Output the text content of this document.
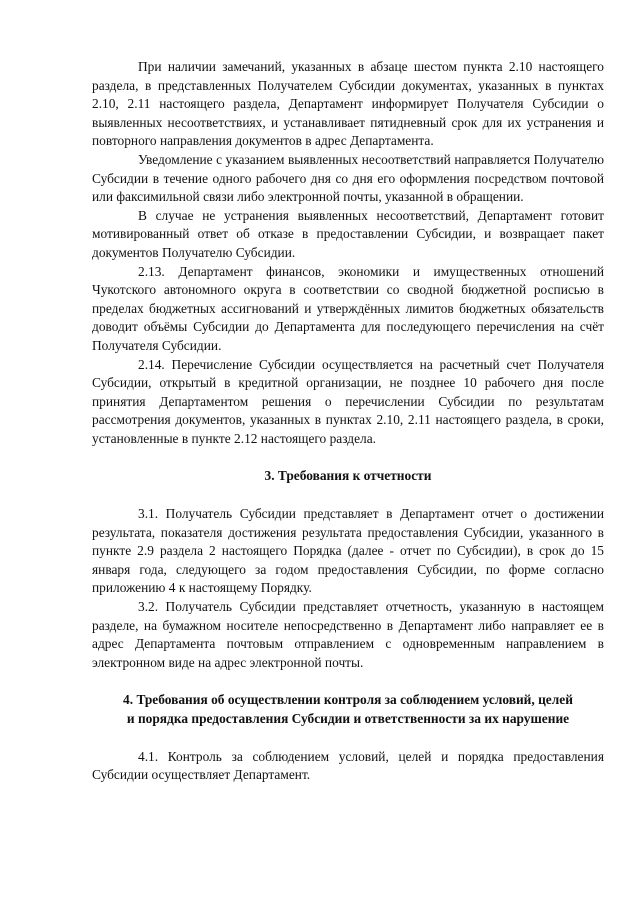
При наличии замечаний, указанных в абзаце шестом пункта 2.10 настоящего раздела, в представленных Получателем Субсидии документах, указанных в пунктах 2.10, 2.11 настоящего раздела, Департамент информирует Получателя Субсидии о выявленных несоответствиях, и устанавливает пятидневный срок для их устранения и повторного направления документов в адрес Департамента.

Уведомление с указанием выявленных несоответствий направляется Получателю Субсидии в течение одного рабочего дня со дня его оформления посредством почтовой или факсимильной связи либо электронной почты, указанной в обращении.

В случае не устранения выявленных несоответствий, Департамент готовит мотивированный ответ об отказе в предоставлении Субсидии, и возвращает пакет документов Получателю Субсидии.

2.13. Департамент финансов, экономики и имущественных отношений Чукотского автономного округа в соответствии со сводной бюджетной росписью в пределах бюджетных ассигнований и утверждённых лимитов бюджетных обязательств доводит объёмы Субсидии до Департамента для последующего перечисления на счёт Получателя Субсидии.

2.14. Перечисление Субсидии осуществляется на расчетный счет Получателя Субсидии, открытый в кредитной организации, не позднее 10 рабочего дня после принятия Департаментом решения о перечислении Субсидии по результатам рассмотрения документов, указанных в пунктах 2.10, 2.11 настоящего раздела, в сроки, установленные в пункте 2.12 настоящего раздела.

3. Требования к отчетности

3.1. Получатель Субсидии представляет в Департамент отчет о достижении результата, показателя достижения результата предоставления Субсидии, указанного в пункте 2.9 раздела 2 настоящего Порядка (далее - отчет по Субсидии), в срок до 15 января года, следующего за годом предоставления Субсидии, по форме согласно приложению 4 к настоящему Порядку.

3.2. Получатель Субсидии представляет отчетность, указанную в настоящем разделе, на бумажном носителе непосредственно в Департамент либо направляет ее в адрес Департамента почтовым отправлением с одновременным направлением в электронном виде на адрес электронной почты.

4. Требования об осуществлении контроля за соблюдением условий, целей
и порядка предоставления Субсидии и ответственности за их нарушение

4.1. Контроль за соблюдением условий, целей и порядка предоставления Субсидии осуществляет Департамент.
